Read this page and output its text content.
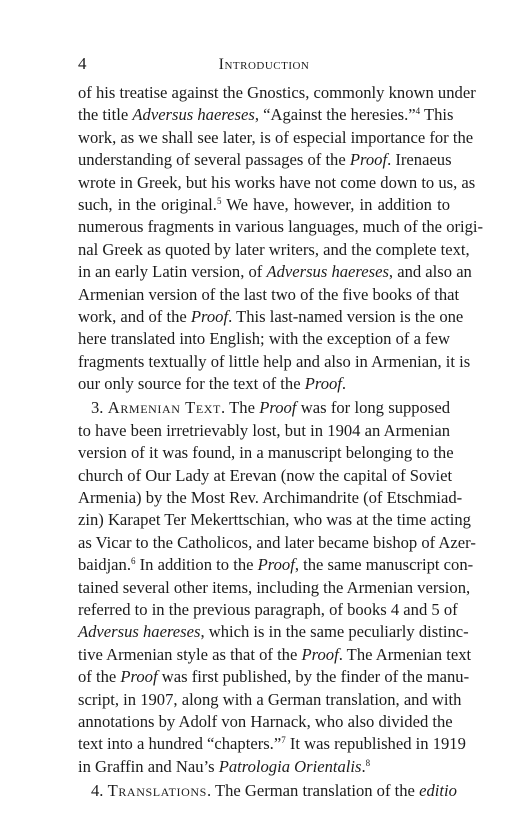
4	Introduction
of his treatise against the Gnostics, commonly known under
the title Adversus haereses, “Against the heresies.”$^4$ This
work, as we shall see later, is of especial importance for the
understanding of several passages of the Proof. Irenaeus
wrote in Greek, but his works have not come down to us, as
such, in the original.$^5$ We have, however, in addition to
numerous fragments in various languages, much of the origi-
nal Greek as quoted by later writers, and the complete text,
in an early Latin version, of Adversus haereses, and also an
Armenian version of the last two of the five books of that
work, and of the Proof. This last-named version is the one
here translated into English; with the exception of a few
fragments textually of little help and also in Armenian, it is
our only source for the text of the Proof.
3. Armenian Text. The Proof was for long supposed
to have been irretrievably lost, but in 1904 an Armenian
version of it was found, in a manuscript belonging to the
church of Our Lady at Erevan (now the capital of Soviet
Armenia) by the Most Rev. Archimandrite (of Etschmiad-
zin) Karapet Ter Mekerttschian, who was at the time acting
as Vicar to the Catholicos, and later became bishop of Azer-
baidjan.$^6$ In addition to the Proof, the same manuscript con-
tained several other items, including the Armenian version,
referred to in the previous paragraph, of books 4 and 5 of
Adversus haereses, which is in the same peculiarly distinc-
tive Armenian style as that of the Proof. The Armenian text
of the Proof was first published, by the finder of the manu-
script, in 1907, along with a German translation, and with
annotations by Adolf von Harnack, who also divided the
text into a hundred “chapters.”$^7$ It was republished in 1919
in Graffin and Nau’s Patrologia Orientalis.$^8$
4. Translations. The German translation of the editio
